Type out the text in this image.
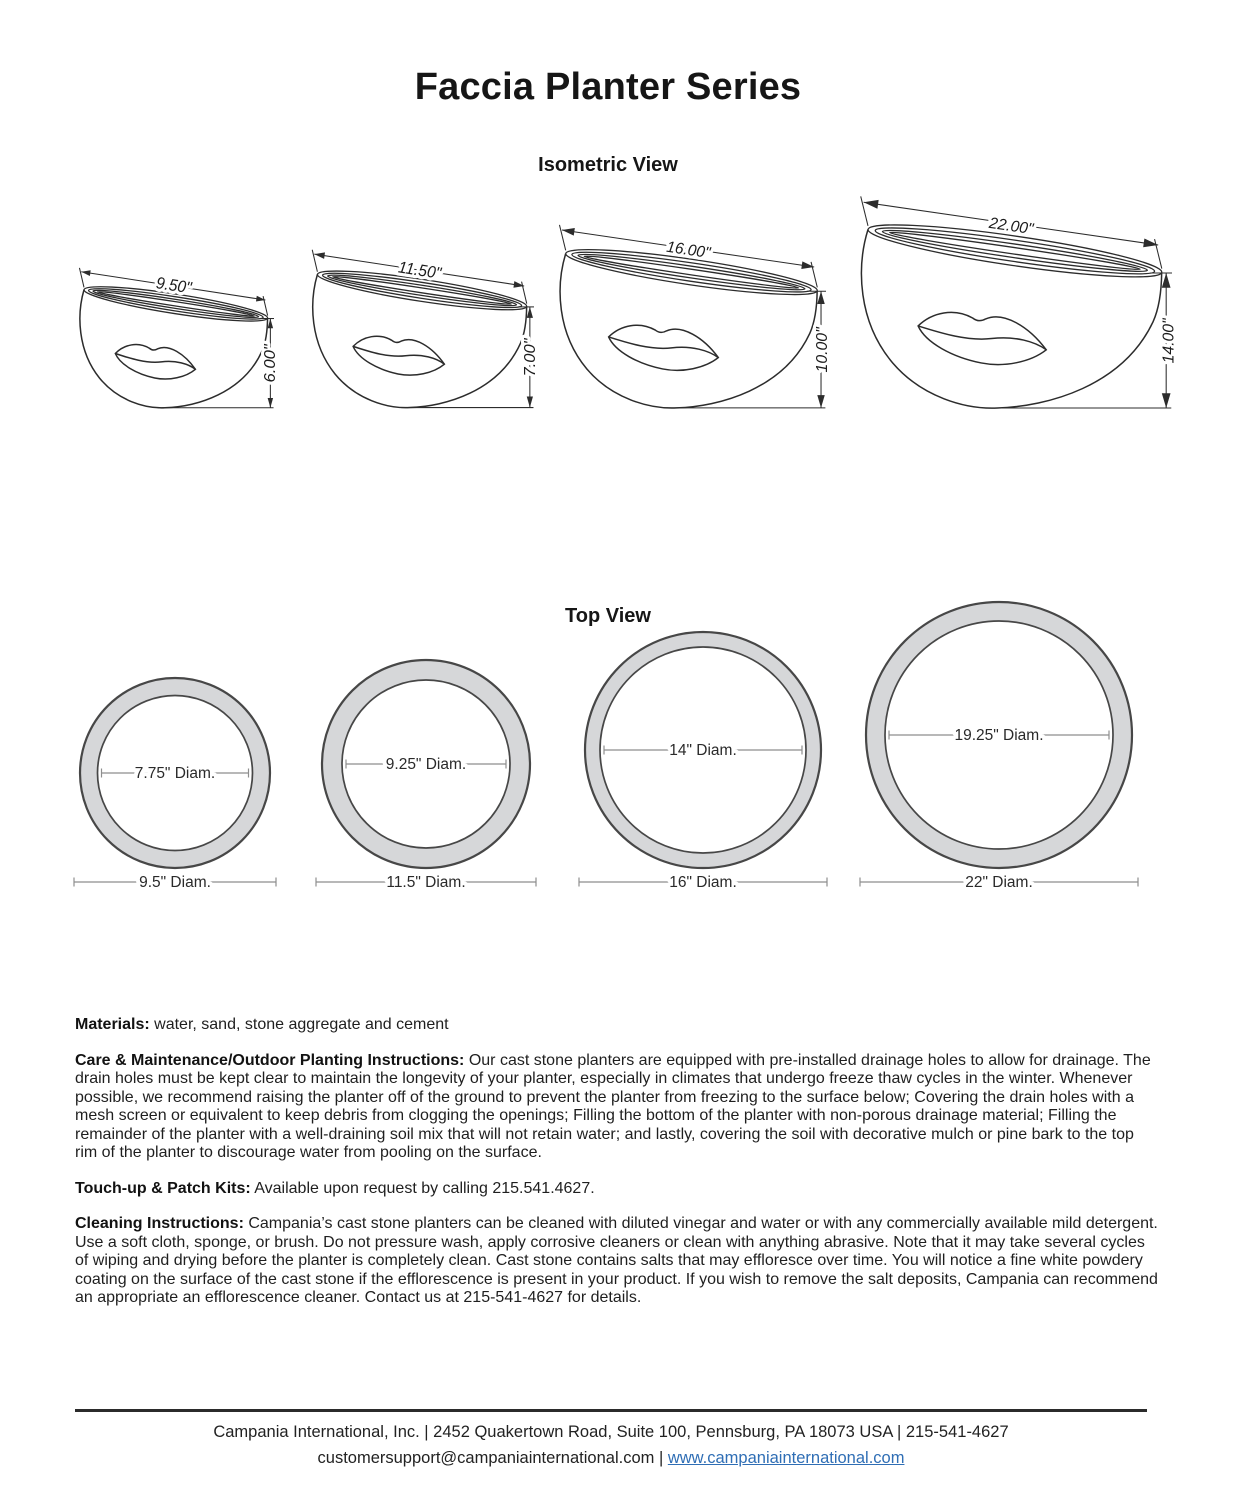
Faccia Planter Series
Isometric View
9.50"
6.00"
11.50"
7.00"
16.00"
10.00"
22.00"
14.00"
Top View
7.75" Diam.
9.5" Diam.
9.25" Diam.
11.5" Diam.
14" Diam.
16" Diam.
19.25" Diam.
22" Diam.

Materials: water, sand, stone aggregate and cement

Care & Maintenance/Outdoor Planting Instructions: Our cast stone planters are equipped with pre-installed drainage holes to allow for drainage. The drain holes must be kept clear to maintain the longevity of your planter, especially in climates that undergo freeze thaw cycles in the winter. Whenever possible, we recommend raising the planter off of the ground to prevent the planter from freezing to the surface below; Covering the drain holes with a mesh screen or equivalent to keep debris from clogging the openings; Filling the bottom of the planter with non-porous drainage material; Filling the remainder of the planter with a well-draining soil mix that will not retain water; and lastly, covering the soil with decorative mulch or pine bark to the top rim of the planter to discourage water from pooling on the surface.

Touch-up & Patch Kits: Available upon request by calling 215.541.4627.

Cleaning Instructions: Campania’s cast stone planters can be cleaned with diluted vinegar and water or with any commercially available mild detergent. Use a soft cloth, sponge, or brush. Do not pressure wash, apply corrosive cleaners or clean with anything abrasive. Note that it may take several cycles of wiping and drying before the planter is completely clean. Cast stone contains salts that may effloresce over time. You will notice a fine white powdery coating on the surface of the cast stone if the efflorescence is present in your product. If you wish to remove the salt deposits, Campania can recommend an appropriate an efflorescence cleaner. Contact us at 215-541-4627 for details.

Campania International, Inc. | 2452 Quakertown Road, Suite 100, Pennsburg, PA 18073 USA | 215-541-4627

customersupport@campaniainternational.com | www.campaniainternational.com
